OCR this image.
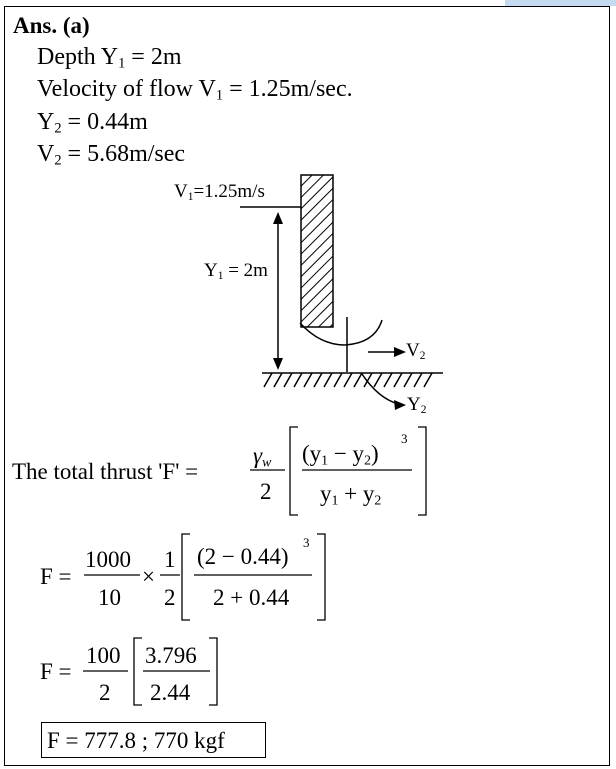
Ans. (a)
Depth $Y_1 = 2m$
Velocity of flow $V_1 = 1.25m/\sec$.
$Y_2 = 0.44m$
$V_2 = 5.68m/\sec$
$V_1=1.25m/s$
$Y_1 = 2m$
$V_2$
$Y_2$
The total thrust 'F' =
$\gamma_w$
2
$(y_1 - y_2)$
3
$y_1 + y_2$
F =
1000
10
×
1
2
(2 − 0.44)
3
2 + 0.44
F =
100
2
3.796
2.44
F = 777.8 ; 770 kgf
